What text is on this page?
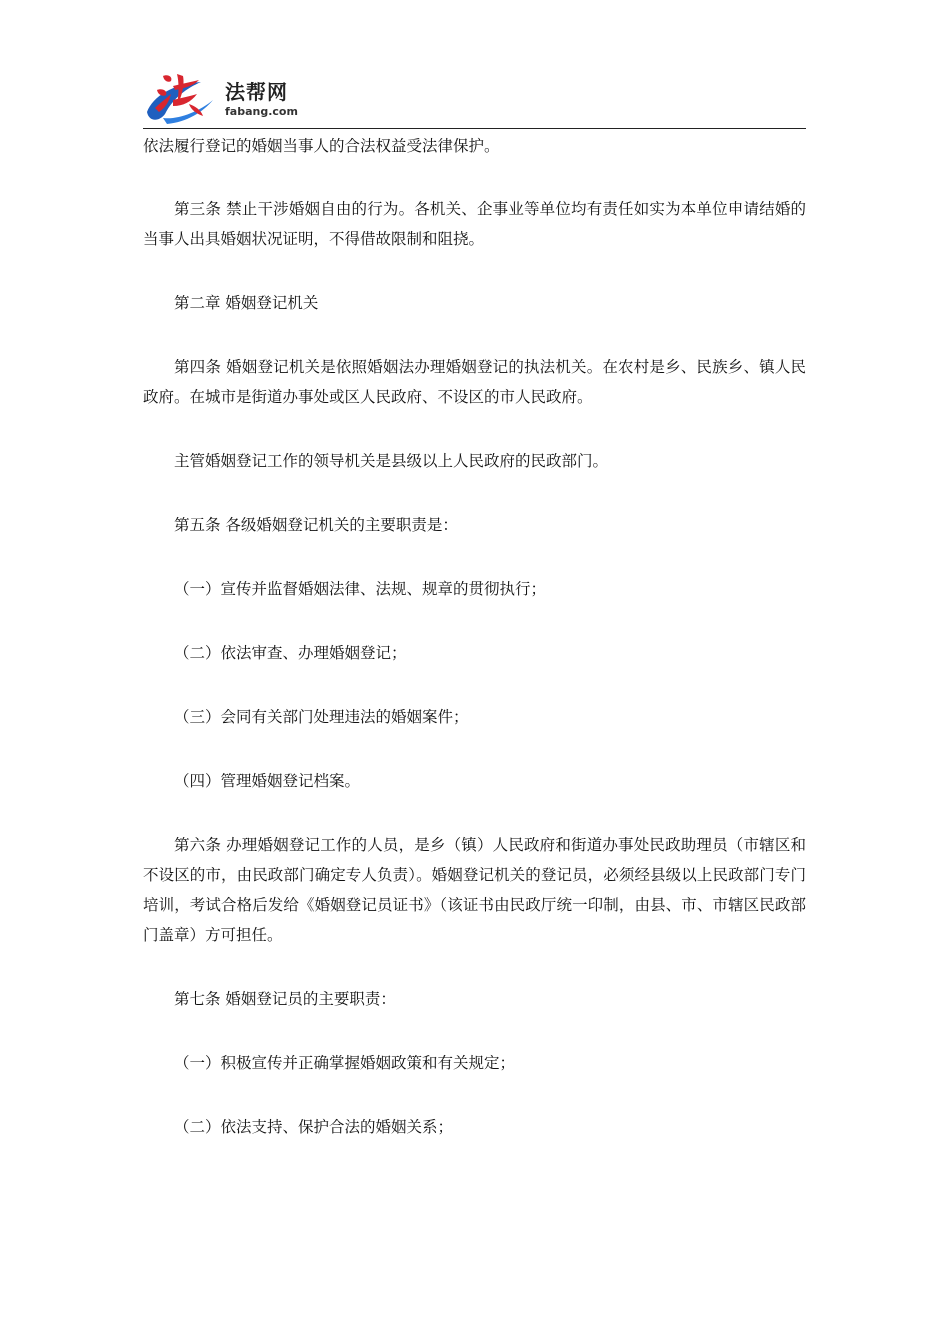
法帮网
fabang.com

依法履行登记的婚姻当事人的合法权益受法律保护。

第三条 禁止干涉婚姻自由的行为。各机关、企事业等单位均有责任如实为本单位申请结婚的当事人出具婚姻状况证明，不得借故限制和阻挠。

第二章 婚姻登记机关

第四条 婚姻登记机关是依照婚姻法办理婚姻登记的执法机关。在农村是乡、民族乡、镇人民政府。在城市是街道办事处或区人民政府、不设区的市人民政府。

主管婚姻登记工作的领导机关是县级以上人民政府的民政部门。

第五条 各级婚姻登记机关的主要职责是：

（一）宣传并监督婚姻法律、法规、规章的贯彻执行；

（二）依法审查、办理婚姻登记；

（三）会同有关部门处理违法的婚姻案件；

（四）管理婚姻登记档案。

第六条 办理婚姻登记工作的人员，是乡（镇）人民政府和街道办事处民政助理员（市辖区和不设区的市，由民政部门确定专人负责）。婚姻登记机关的登记员，必须经县级以上民政部门专门培训，考试合格后发给《婚姻登记员证书》（该证书由民政厅统一印制，由县、市、市辖区民政部门盖章）方可担任。

第七条 婚姻登记员的主要职责：

（一）积极宣传并正确掌握婚姻政策和有关规定；

（二）依法支持、保护合法的婚姻关系；
